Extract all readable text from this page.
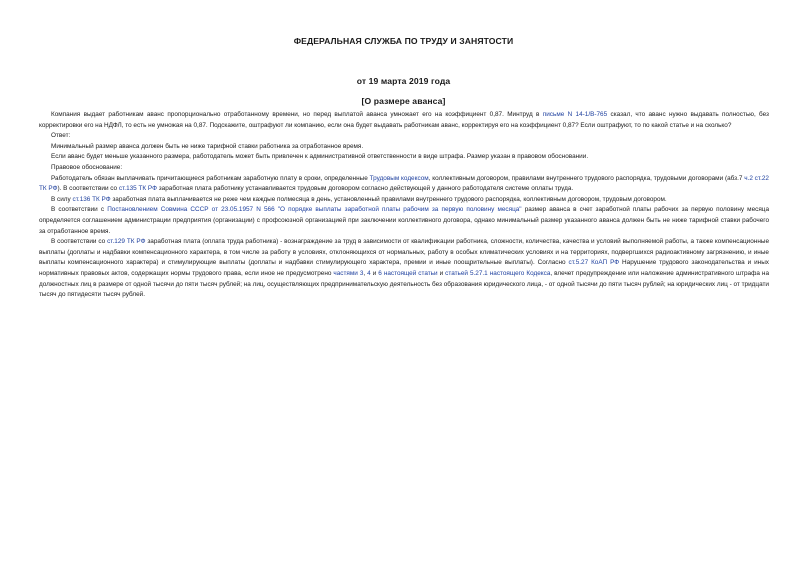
ФЕДЕРАЛЬНАЯ СЛУЖБА ПО ТРУДУ И ЗАНЯТОСТИ
от 19 марта 2019 года
[О размере аванса]

Компания выдает работникам аванс пропорционально отработанному времени, но перед выплатой аванса умножает его на коэффициент 0,87. Минтруд в письме N 14-1/В-765 сказал, что аванс нужно выдавать полностью, без корректировки его на НДФЛ, то есть не умножая на 0,87. Подскажите, оштрафуют ли компанию, если она будет выдавать работникам аванс, корректируя его на коэффициент 0,87? Если оштрафуют, то по какой статье и на сколько?

Ответ:

Минимальный размер аванса должен быть не ниже тарифной ставки работника за отработанное время.

Если аванс будет меньше указанного размера, работодатель может быть привлечен к административной ответственности в виде штрафа. Размер указан в правовом обосновании.

Правовое обоснование:

Работодатель обязан выплачивать причитающиеся работникам заработную плату в сроки, определенные Трудовым кодексом, коллективным договором, правилами внутреннего трудового распорядка, трудовыми договорами (абз.7 ч.2 ст.22 ТК РФ). В соответствии со ст.135 ТК РФ заработная плата работнику устанавливается трудовым договором согласно действующей у данного работодателя системе оплаты труда.

В силу ст.136 ТК РФ заработная плата выплачивается не реже чем каждые полмесяца в день, установленный правилами внутреннего трудового распорядка, коллективным договором, трудовым договором.

В соответствии с Постановлением Совмина СССР от 23.05.1957 N 566 "О порядке выплаты заработной платы рабочим за первую половину месяца" размер аванса в счет заработной платы рабочих за первую половину месяца определяется соглашением администрации предприятия (организации) с профсоюзной организацией при заключении коллективного договора, однако минимальный размер указанного аванса должен быть не ниже тарифной ставки рабочего за отработанное время.

В соответствии со ст.129 ТК РФ заработная плата (оплата труда работника) - вознаграждение за труд в зависимости от квалификации работника, сложности, количества, качества и условий выполняемой работы, а также компенсационные выплаты (доплаты и надбавки компенсационного характера, в том числе за работу в условиях, отклоняющихся от нормальных, работу в особых климатических условиях и на территориях, подвергшихся радиоактивному загрязнению, и иные выплаты компенсационного характера) и стимулирующие выплаты (доплаты и надбавки стимулирующего характера, премии и иные поощрительные выплаты). Согласно ст.5.27 КоАП РФ Нарушение трудового законодательства и иных нормативных правовых актов, содержащих нормы трудового права, если иное не предусмотрено частями 3, 4 и 6 настоящей статьи и статьей 5.27.1 настоящего Кодекса, влечет предупреждение или наложение административного штрафа на должностных лиц в размере от одной тысячи до пяти тысяч рублей; на лиц, осуществляющих предпринимательскую деятельность без образования юридического лица, - от одной тысячи до пяти тысяч рублей; на юридических лиц - от тридцати тысяч до пятидесяти тысяч рублей.
